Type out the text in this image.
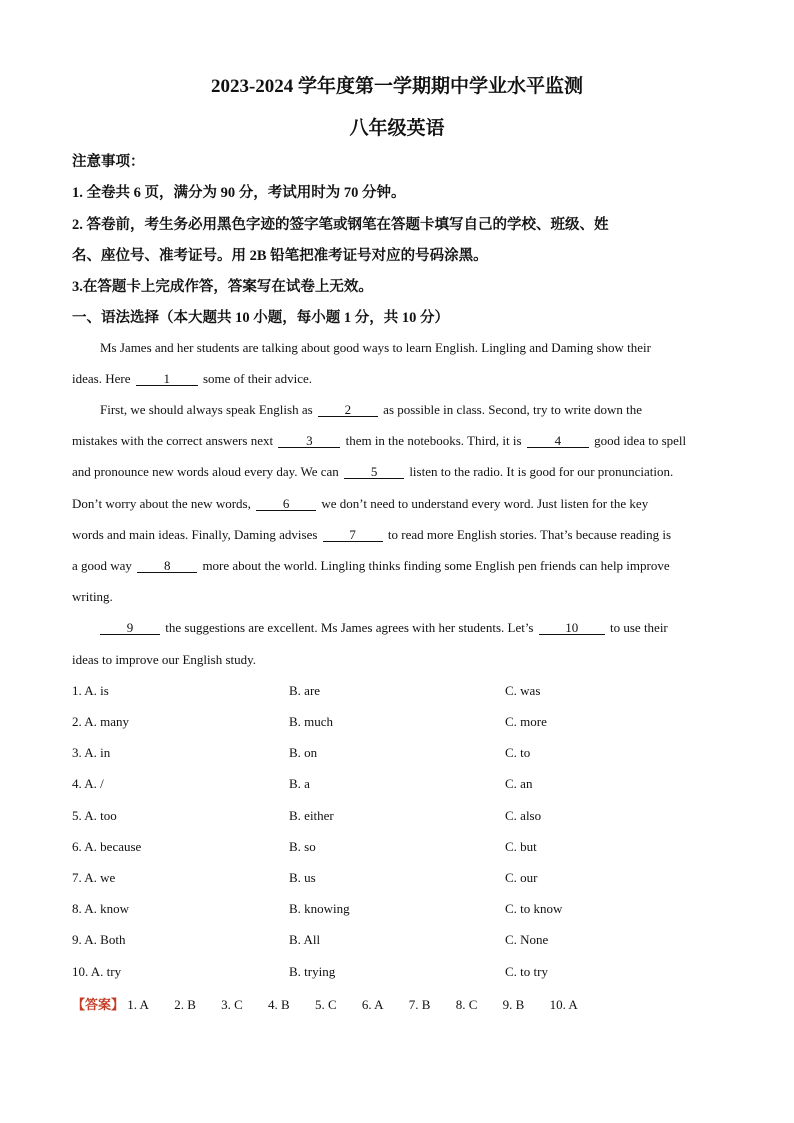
2023-2024 学年度第一学期期中学业水平监测
八年级英语
注意事项：
1. 全卷共 6 页，满分为 90 分，考试用时为 70 分钟。
2. 答卷前，考生务必用黑色字迹的签字笔或钢笔在答题卡填写自己的学校、班级、姓
名、座位号、准考证号。用 2B 铅笔把准考证号对应的号码涂黑。
3.在答题卡上完成作答，答案写在试卷上无效。
一、语法选择（本大题共 10 小题，每小题 1 分，共 10 分）
Ms James and her students are talking about good ways to learn English. Lingling and Daming show their
ideas. Here	1	some of their advice.
First, we should always speak English as 2 as possible in class. Second, try to write down the
mistakes with the correct answers next	3	them in the notebooks. Third, it is	4	good idea to spell
and pronounce new words aloud every day. We can 5 listen to the radio. It is good for our pronunciation.
Don’t worry about the new words, 6 we don’t need to understand every word. Just listen for the key
words and main ideas. Finally, Daming advises 7 to read more English stories. That’s because reading is
a good way 8 more about the world. Lingling thinks finding some English pen friends can help improve
writing.
9 the suggestions are excellent. Ms James agrees with her students. Let’s 10 to use their
ideas to improve our English study.
1. A. is	B. are	C. was
2. A. many	B. much	C. more
3. A. in	B. on	C. to
4. A. /	B. a	C. an
5. A. too	B. either	C. also
6. A. because	B. so	C. but
7. A. we	B. us	C. our
8. A. know	B. knowing	C. to know
9. A. Both	B. All	C. None
10. A. try	B. trying	C. to try
【答案】 1. A 2. B 3. C 4. B 5. C 6. A 7. B 8. C 9. B 10. A
